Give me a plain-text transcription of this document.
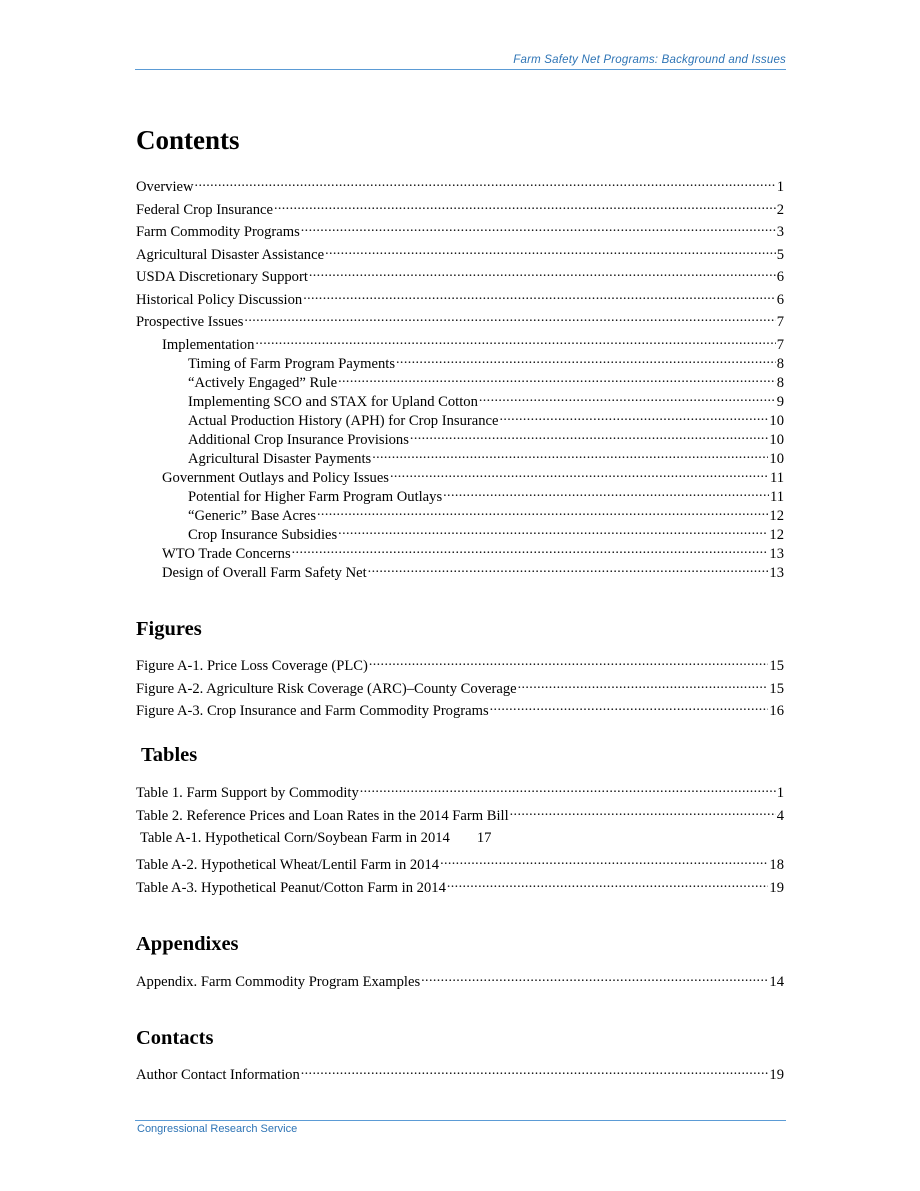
Farm Safety Net Programs: Background and Issues
Contents
Overview .....	1
Federal Crop Insurance .....	2
Farm Commodity Programs .....	3
Agricultural Disaster Assistance .....	5
USDA Discretionary Support .....	6
Historical Policy Discussion .....	6
Prospective Issues .....	7
Implementation .....	7
Timing of Farm Program Payments .....	8
“Actively Engaged” Rule .....	8
Implementing SCO and STAX for Upland Cotton .....	9
Actual Production History (APH) for Crop Insurance .....	10
Additional Crop Insurance Provisions .....	10
Agricultural Disaster Payments .....	10
Government Outlays and Policy Issues .....	11
Potential for Higher Farm Program Outlays .....	11
“Generic” Base Acres .....	12
Crop Insurance Subsidies .....	12
WTO Trade Concerns .....	13
Design of Overall Farm Safety Net .....	13
Figures
Figure A-1. Price Loss Coverage (PLC) .....	15
Figure A-2. Agriculture Risk Coverage (ARC)–County Coverage .....	15
Figure A-3. Crop Insurance and Farm Commodity Programs .....	16
Tables
Table 1. Farm Support by Commodity .....	1
Table 2. Reference Prices and Loan Rates in the 2014 Farm Bill .....	4
Table A-1. Hypothetical Corn/Soybean Farm in 2014 17
Table A-2. Hypothetical Wheat/Lentil Farm in 2014 .....	18
Table A-3. Hypothetical Peanut/Cotton Farm in 2014 .....	19
Appendixes
Appendix. Farm Commodity Program Examples .....	14
Contacts
Author Contact Information .....	19
Congressional Research Service
